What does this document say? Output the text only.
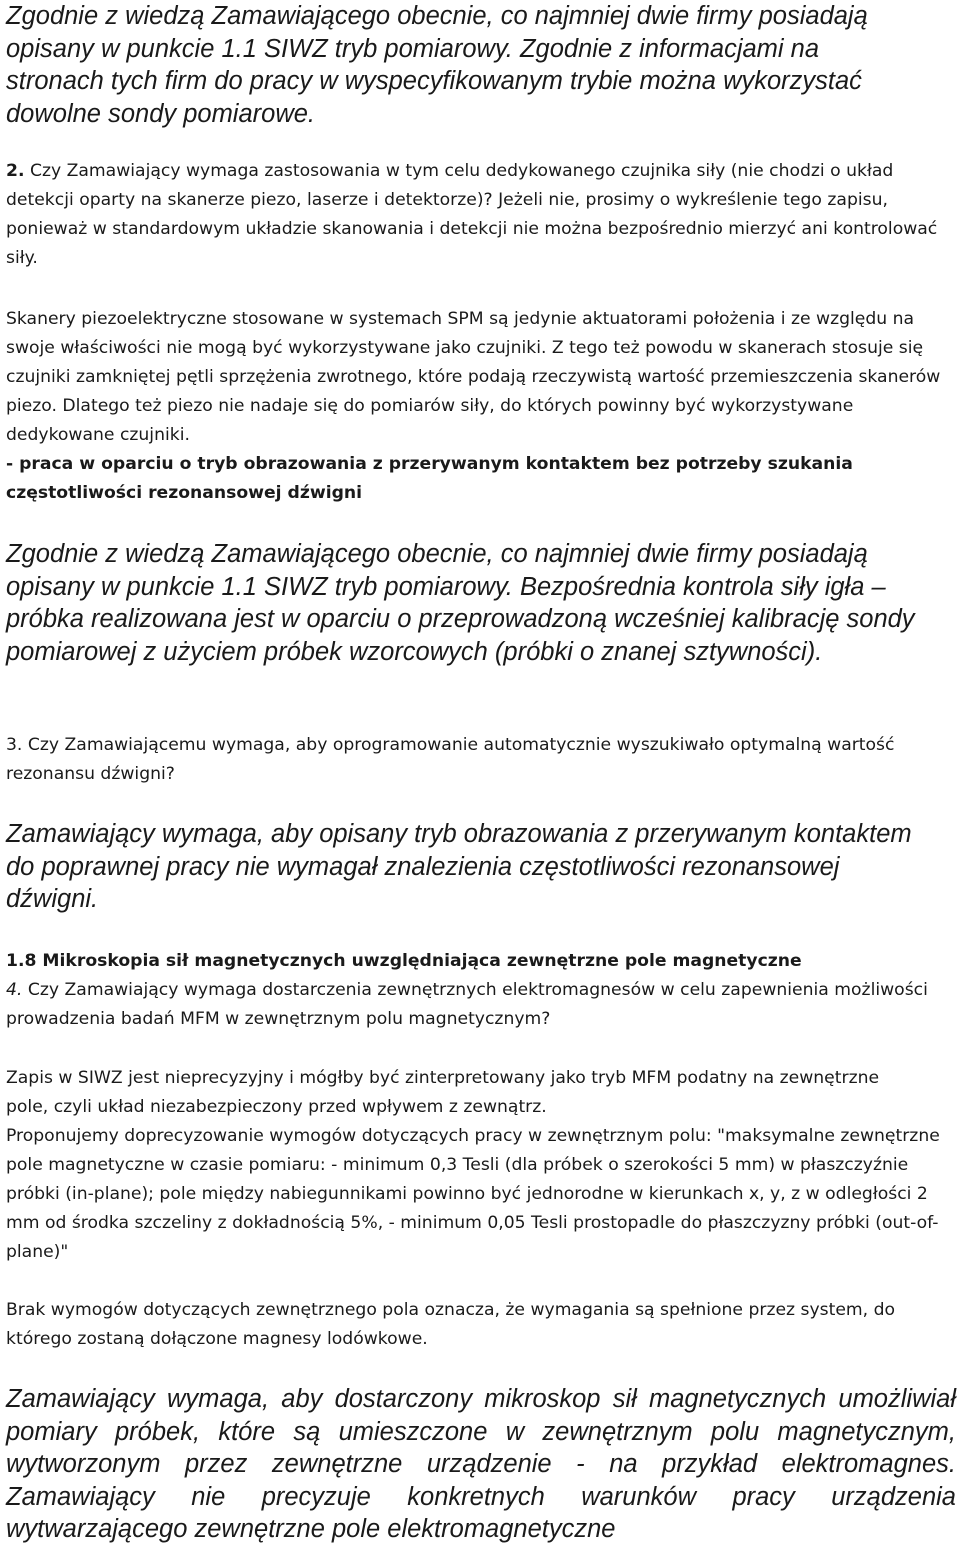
Zgodnie z wiedzą Zamawiającego obecnie, co najmniej dwie firmy posiadają opisany w punkcie 1.1 SIWZ tryb pomiarowy. Zgodnie z informacjami na stronach tych firm do pracy w wyspecyfikowanym trybie można wykorzystać dowolne sondy pomiarowe.

2. Czy Zamawiający wymaga zastosowania w tym celu dedykowanego czujnika siły (nie chodzi o układ detekcji oparty na skanerze piezo, laserze i detektorze)? Jeżeli nie, prosimy o wykreślenie tego zapisu, ponieważ w standardowym układzie skanowania i detekcji nie można bezpośrednio mierzyć ani kontrolować siły.

Skanery piezoelektryczne stosowane w systemach SPM są jedynie aktuatorami położenia i ze względu na swoje właściwości nie mogą być wykorzystywane jako czujniki. Z tego też powodu w skanerach stosuje się czujniki zamkniętej pętli sprzężenia zwrotnego, które podają rzeczywistą wartość przemieszczenia skanerów piezo. Dlatego też piezo nie nadaje się do pomiarów siły, do których powinny być wykorzystywane dedykowane czujniki.

- praca w oparciu o tryb obrazowania z przerywanym kontaktem bez potrzeby szukania częstotliwości rezonansowej dźwigni

Zgodnie z wiedzą Zamawiającego obecnie, co najmniej dwie firmy posiadają opisany w punkcie 1.1 SIWZ tryb pomiarowy. Bezpośrednia kontrola siły igła – próbka realizowana jest w oparciu o przeprowadzoną wcześniej kalibrację sondy pomiarowej z użyciem próbek wzorcowych (próbki o znanej sztywności).

3. Czy Zamawiającemu wymaga, aby oprogramowanie automatycznie wyszukiwało optymalną wartość rezonansu dźwigni?

Zamawiający wymaga, aby opisany tryb obrazowania z przerywanym kontaktem do poprawnej pracy nie wymagał znalezienia częstotliwości rezonansowej dźwigni.

1.8 Mikroskopia sił magnetycznych uwzględniająca zewnętrzne pole magnetyczne

4. Czy Zamawiający wymaga dostarczenia zewnętrznych elektromagnesów w celu zapewnienia możliwości prowadzenia badań MFM w zewnętrznym polu magnetycznym?

Zapis w SIWZ jest nieprecyzyjny i mógłby być zinterpretowany jako tryb MFM podatny na zewnętrzne pole, czyli układ niezabezpieczony przed wpływem z zewnątrz.

Proponujemy doprecyzowanie wymogów dotyczących pracy w zewnętrznym polu: "maksymalne zewnętrzne pole magnetyczne w czasie pomiaru: - minimum 0,3 Tesli (dla próbek o szerokości 5 mm) w płaszczyźnie próbki (in-plane); pole między nabiegunnikami powinno być jednorodne w kierunkach x, y, z w odległości 2 mm od środka szczeliny z dokładnością 5%, - minimum 0,05 Tesli prostopadle do płaszczyzny próbki (out-of-plane)"

Brak wymogów dotyczących zewnętrznego pola oznacza, że wymagania są spełnione przez system, do którego zostaną dołączone magnesy lodówkowe.

Zamawiający wymaga, aby dostarczony mikroskop sił magnetycznych umożliwiał pomiary próbek, które są umieszczone w zewnętrznym polu magnetycznym, wytworzonym przez zewnętrzne urządzenie - na przykład elektromagnes. Zamawiający nie precyzuje konkretnych warunków pracy urządzenia wytwarzającego zewnętrzne pole elektromagnetyczne
